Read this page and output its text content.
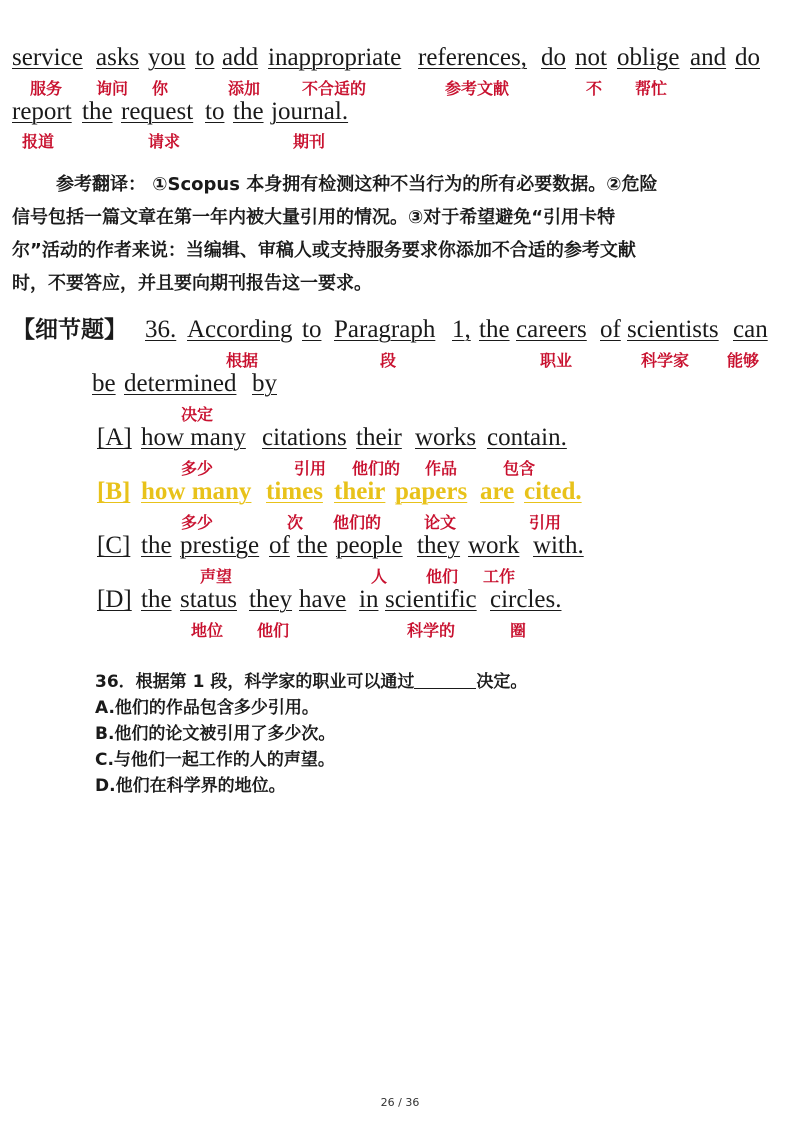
service asks you to add inappropriate references, do not oblige and do
服务 询问 你	添加	不合适的	参考文献	不 帮忙
report the request to the journal.
报道	请求	期刊
参考翻译： ①Scopus 本身拥有检测这种不当行为的所有必要数据。②危险
信号包括一篇文章在第一年内被大量引用的情况。③对于希望避免“引用卡特
尔”活动的作者来说：当编辑、审稿人或支持服务要求你添加不合适的参考文献
时，不要答应，并且要向期刊报告这一要求。
【细节题】 36. According to Paragraph 1, the careers of scientists can
根据	段	职业	科学家 能够
be determined by
决定
[A] how many citations their works contain.
多少	引用 他们的 作品	包含
[B] how many times their papers are cited.
多少	次 他们的	论文	引用
[C] the prestige of the people they work with.
声望	人 他们 工作
[D] the status they have in scientific circles.
地位 他们	科学的	圈
36．根据第 1 段，科学家的职业可以通过	决定。
A.他们的作品包含多少引用。
B.他们的论文被引用了多少次。
C.与他们一起工作的人的声望。
D.他们在科学界的地位。
26 / 36
